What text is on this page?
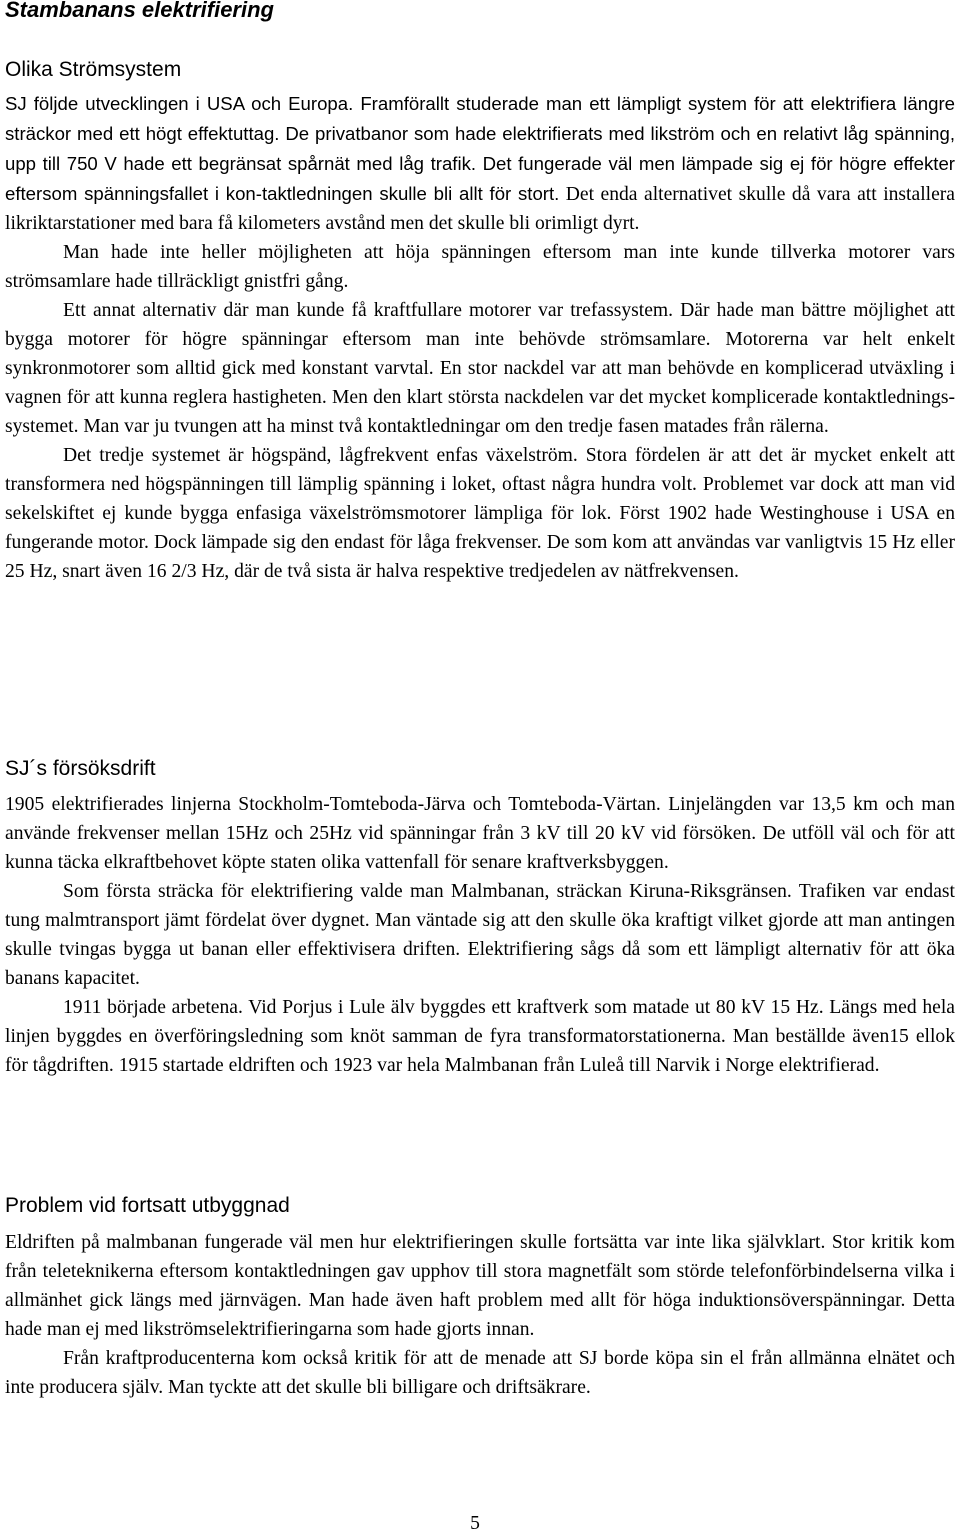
Stambanans elektrifiering
Olika Strömsystem

SJ följde utvecklingen i USA och Europa. Framförallt studerade man ett lämpligt system för att elektrifiera längre sträckor med ett högt effektuttag. De privatbanor som hade elektrifierats med likström och en relativt låg spänning, upp till 750 V hade ett begränsat spårnät med låg trafik. Det fungerade väl men lämpade sig ej för högre effekter eftersom spänningsfallet i kon-taktledningen skulle bli allt för stort. Det enda alternativet skulle då vara att installera likriktarstationer med bara få kilometers avstånd men det skulle bli orimligt dyrt.

Man hade inte heller möjligheten att höja spänningen eftersom man inte kunde tillverka motorer vars strömsamlare hade tillräckligt gnistfri gång.

Ett annat alternativ där man kunde få kraftfullare motorer var trefassystem. Där hade man bättre möjlighet att bygga motorer för högre spänningar eftersom man inte behövde strömsamlare. Motorerna var helt enkelt synkronmotorer som alltid gick med konstant varvtal. En stor nackdel var att man behövde en komplicerad utväxling i vagnen för att kunna reglera hastigheten. Men den klart största nackdelen var det mycket komplicerade kontaktlednings-systemet. Man var ju tvungen att ha minst två kontaktledningar om den tredje fasen matades från rälerna.

Det tredje systemet är högspänd, lågfrekvent enfas växelström. Stora fördelen är att det är mycket enkelt att transformera ned högspänningen till lämplig spänning i loket, oftast några hundra volt. Problemet var dock att man vid sekelskiftet ej kunde bygga enfasiga växelströmsmotorer lämpliga för lok. Först 1902 hade Westinghouse i USA en fungerande motor. Dock lämpade sig den endast för låga frekvenser. De som kom att användas var vanligtvis 15 Hz eller 25 Hz, snart även 16 2/3 Hz, där de två sista är halva respektive tredjedelen av nätfrekvensen.

SJ´s försöksdrift

1905 elektrifierades linjerna Stockholm-Tomteboda-Järva och Tomteboda-Värtan. Linjelängden var 13,5 km och man använde frekvenser mellan 15Hz och 25Hz vid spänningar från 3 kV till 20 kV vid försöken. De utföll väl och för att kunna täcka elkraftbehovet köpte staten olika vattenfall för senare kraftverksbyggen.

Som första sträcka för elektrifiering valde man Malmbanan, sträckan Kiruna-Riksgränsen. Trafiken var endast tung malmtransport jämt fördelat över dygnet. Man väntade sig att den skulle öka kraftigt vilket gjorde att man antingen skulle tvingas bygga ut banan eller effektivisera driften. Elektrifiering sågs då som ett lämpligt alternativ för att öka banans kapacitet.

1911 började arbetena. Vid Porjus i Lule älv byggdes ett kraftverk som matade ut 80 kV 15 Hz. Längs med hela linjen byggdes en överföringsledning som knöt samman de fyra transformatorstationerna. Man beställde även15 ellok för tågdriften. 1915 startade eldriften och 1923 var hela Malmbanan från Luleå till Narvik i Norge elektrifierad.

Problem vid fortsatt utbyggnad

Eldriften på malmbanan fungerade väl men hur elektrifieringen skulle fortsätta var inte lika självklart. Stor kritik kom från teleteknikerna eftersom kontaktledningen gav upphov till stora magnetfält som störde telefonförbindelserna vilka i allmänhet gick längs med järnvägen. Man hade även haft problem med allt för höga induktionsöverspänningar. Detta hade man ej med likströmselektrifieringarna som hade gjorts innan.

Från kraftproducenterna kom också kritik för att de menade att SJ borde köpa sin el från allmänna elnätet och inte producera själv. Man tyckte att det skulle bli billigare och driftsäkrare.

5
